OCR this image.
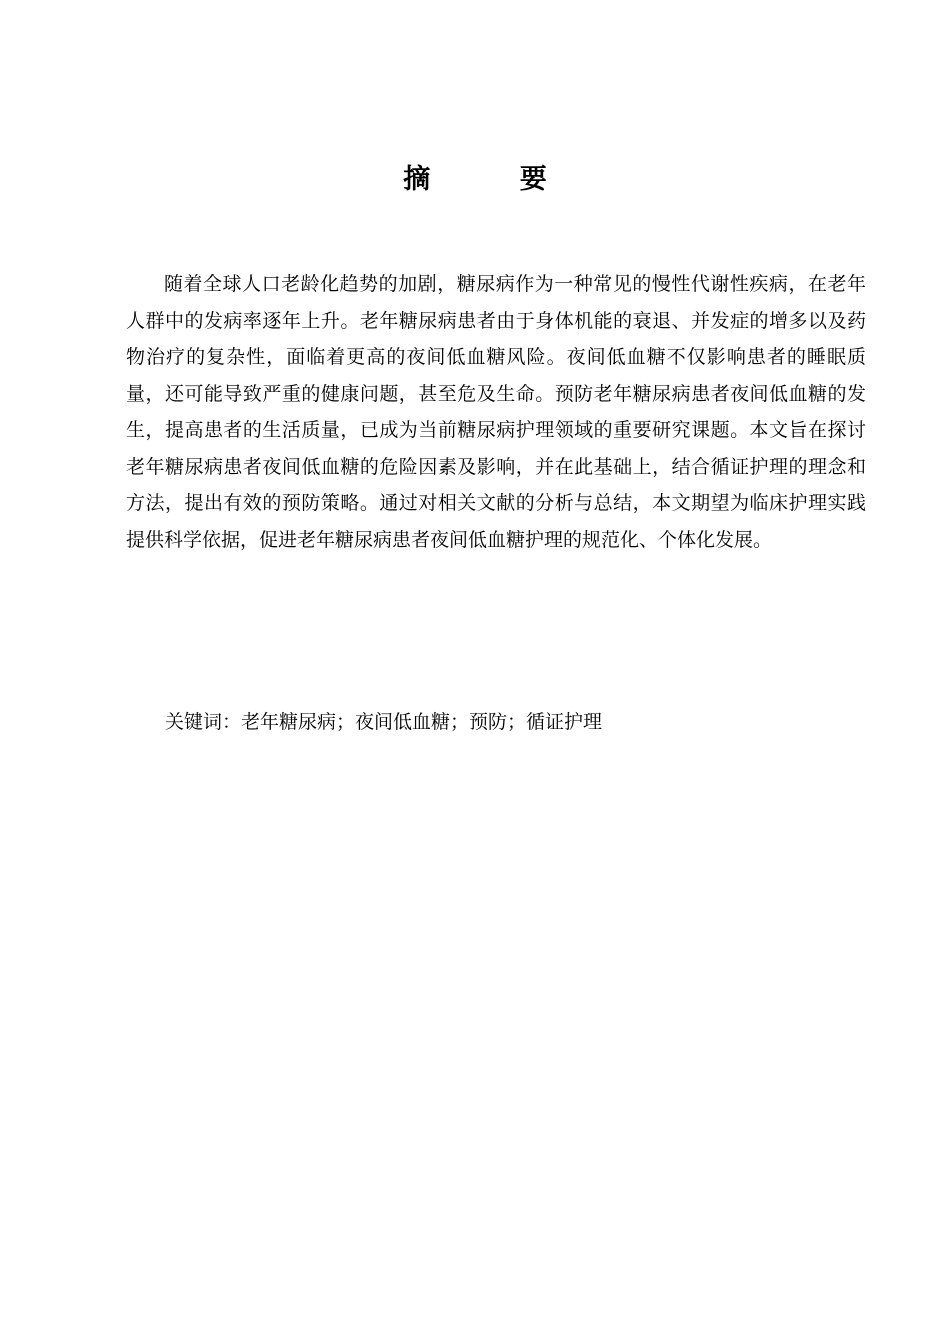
摘 要

随着全球人口老龄化趋势的加剧，糖尿病作为一种常见的慢性代谢性疾病，在老年人群中的发病率逐年上升。老年糖尿病患者由于身体机能的衰退、并发症的增多以及药物治疗的复杂性，面临着更高的夜间低血糖风险。夜间低血糖不仅影响患者的睡眠质量，还可能导致严重的健康问题，甚至危及生命。预防老年糖尿病患者夜间低血糖的发生，提高患者的生活质量，已成为当前糖尿病护理领域的重要研究课题。本文旨在探讨老年糖尿病患者夜间低血糖的危险因素及影响，并在此基础上，结合循证护理的理念和方法，提出有效的预防策略。通过对相关文献的分析与总结，本文期望为临床护理实践提供科学依据，促进老年糖尿病患者夜间低血糖护理的规范化、个体化发展。

关键词：老年糖尿病；夜间低血糖；预防；循证护理
